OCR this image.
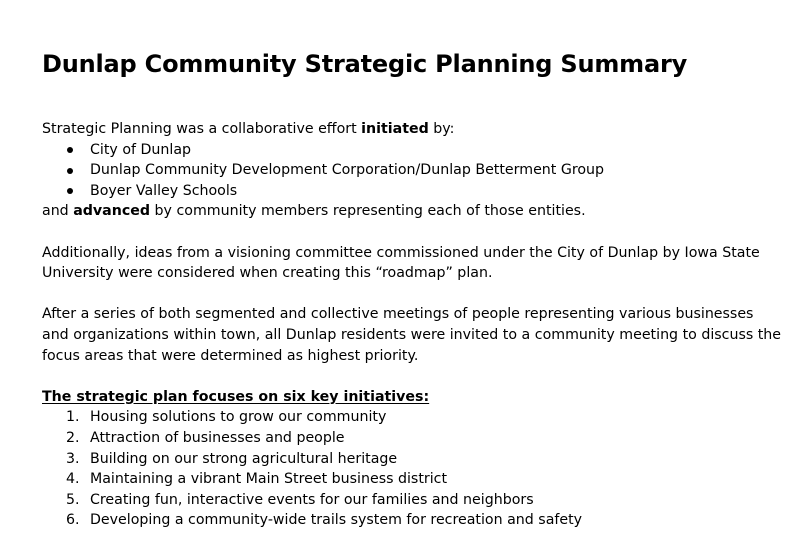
Dunlap Community Strategic Planning Summary

Strategic Planning was a collaborative effort initiated by:

City of Dunlap
Dunlap Community Development Corporation/Dunlap Betterment Group
Boyer Valley Schools

and advanced by community members representing each of those entities.

Additionally, ideas from a visioning committee commissioned under the City of Dunlap by Iowa State University were considered when creating this “roadmap” plan.

After a series of both segmented and collective meetings of people representing various businesses and organizations within town, all Dunlap residents were invited to a community meeting to discuss the focus areas that were determined as highest priority.

The strategic plan focuses on six key initiatives:

1. Housing solutions to grow our community
2. Attraction of businesses and people
3. Building on our strong agricultural heritage
4. Maintaining a vibrant Main Street business district
5. Creating fun, interactive events for our families and neighbors
6. Developing a community-wide trails system for recreation and safety
